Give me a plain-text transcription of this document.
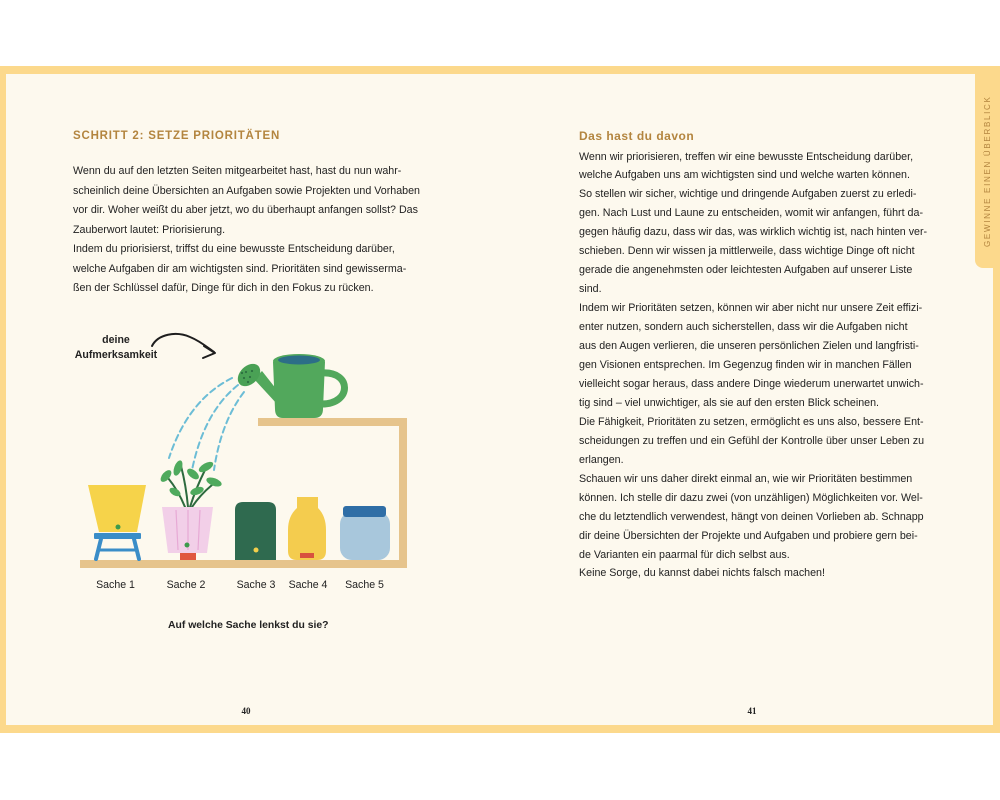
GEWINNE EINEN ÜBERBLICK
SCHRITT 2: SETZE PRIORITÄTEN
Wenn du auf den letzten Seiten mitgearbeitet hast, hast du nun wahr-
scheinlich deine Übersichten an Aufgaben sowie Projekten und Vorhaben
vor dir. Woher weißt du aber jetzt, wo du überhaupt anfangen sollst? Das
Zauberwort lautet: Priorisierung.
Indem du priorisierst, triffst du eine bewusste Entscheidung darüber,
welche Aufgaben dir am wichtigsten sind. Prioritäten sind gewisserma-
ßen der Schlüssel dafür, Dinge für dich in den Fokus zu rücken.
deine
Aufmerksamkeit
Sache 1	Sache 2	Sache 3	Sache 4	Sache 5
Auf welche Sache lenkst du sie?
40
Das hast du davon
Wenn wir priorisieren, treffen wir eine bewusste Entscheidung darüber,
welche Aufgaben uns am wichtigsten sind und welche warten können.
So stellen wir sicher, wichtige und dringende Aufgaben zuerst zu erledi-
gen. Nach Lust und Laune zu entscheiden, womit wir anfangen, führt da-
gegen häufig dazu, dass wir das, was wirklich wichtig ist, nach hinten ver-
schieben. Denn wir wissen ja mittlerweile, dass wichtige Dinge oft nicht
gerade die angenehmsten oder leichtesten Aufgaben auf unserer Liste
sind.
Indem wir Prioritäten setzen, können wir aber nicht nur unsere Zeit effizi-
enter nutzen, sondern auch sicherstellen, dass wir die Aufgaben nicht
aus den Augen verlieren, die unseren persönlichen Zielen und langfristi-
gen Visionen entsprechen. Im Gegenzug finden wir in manchen Fällen
vielleicht sogar heraus, dass andere Dinge wiederum unerwartet unwich-
tig sind – viel unwichtiger, als sie auf den ersten Blick scheinen.
Die Fähigkeit, Prioritäten zu setzen, ermöglicht es uns also, bessere Ent-
scheidungen zu treffen und ein Gefühl der Kontrolle über unser Leben zu
erlangen.
Schauen wir uns daher direkt einmal an, wie wir Prioritäten bestimmen
können. Ich stelle dir dazu zwei (von unzähligen) Möglichkeiten vor. Wel-
che du letztendlich verwendest, hängt von deinen Vorlieben ab. Schnapp
dir deine Übersichten der Projekte und Aufgaben und probiere gern bei-
de Varianten ein paarmal für dich selbst aus.
Keine Sorge, du kannst dabei nichts falsch machen!
41
